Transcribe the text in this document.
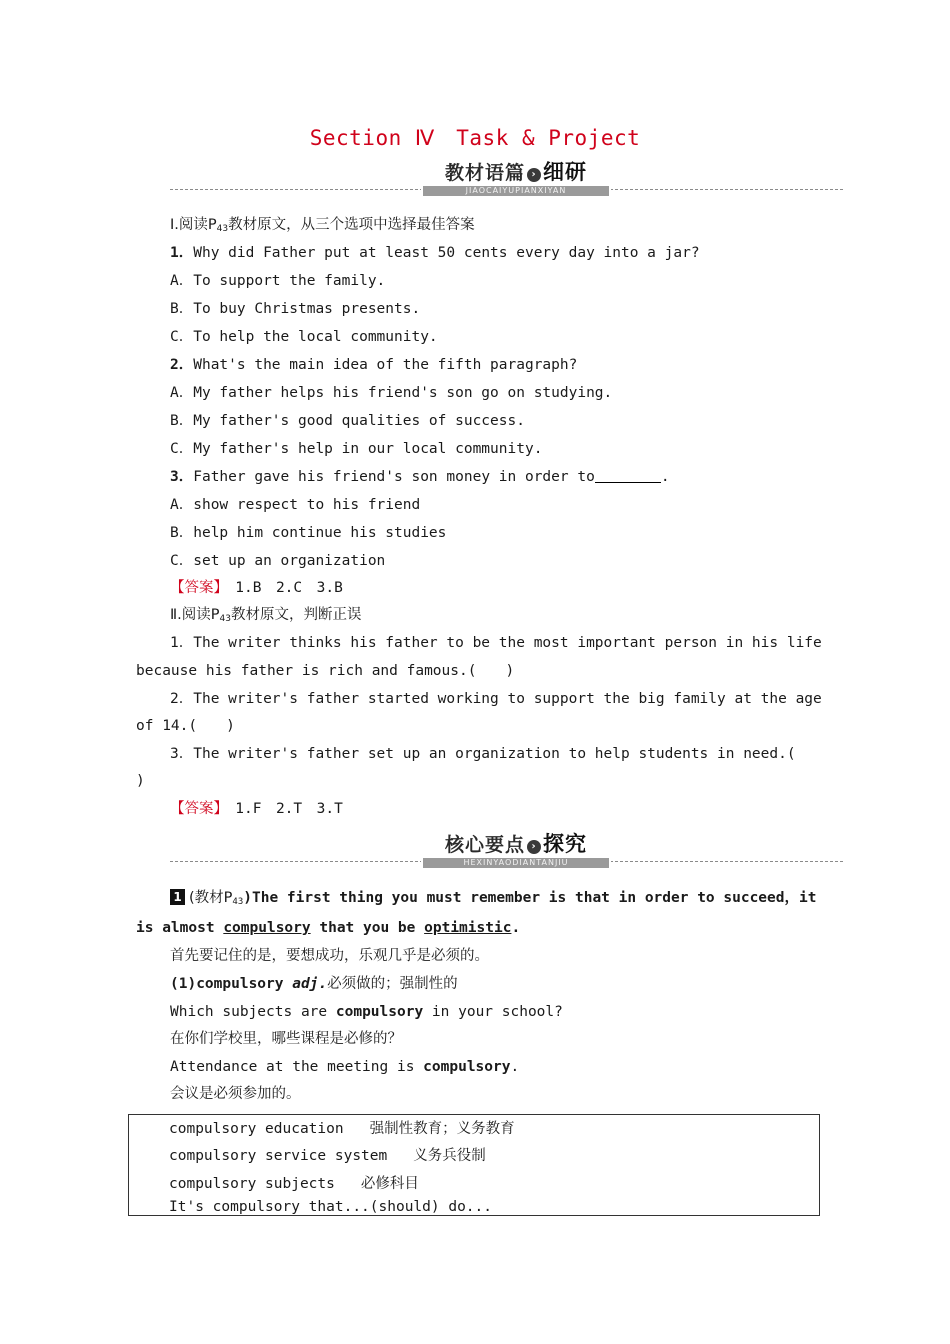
Section Ⅳ　Task & Project
教材语篇 › 细研
JIAOCAIYUPIANXIYAN
Ⅰ.阅读$P_{43}$教材原文，从三个选项中选择最佳答案
1．Why did Father put at least 50 cents every day into a jar?
A．To support the family.
B．To buy Christmas presents.
C．To help the local community.
2．What's the main idea of the fifth paragraph?
A．My father helps his friend's son go on studying.
B．My father's good qualities of success.
C．My father's help in our local community.
3．Father gave his friend's son money in order to	.
A．show respect to his friend
B．help him continue his studies
C．set up an organization
【答案】　 1.B　2.C　3.B
Ⅱ.阅读$P_{43}$教材原文，判断正误
1．The writer thinks his father to be the most important person in his life
because his father is rich and famous.(　　)
2．The writer's father started working to support the big family at the age
of 14.(　　)
3．The writer's father set up an organization to help students in need.(
)
【答案】　 1.F　2.T　3.T
核心要点 › 探究
HEXINYAODIANTANJIU
1 (教材$P_{43})The$ first thing you must remember is that in order to succeed，it
is almost compulsory that you be optimistic.
首先要记住的是，要想成功，乐观几乎是必须的。
(1)compulsory adj.必须做的；强制性的
Which subjects are compulsory in your school?
在你们学校里，哪些课程是必修的？
Attendance at the meeting is compulsory.
会议是必须参加的。
compulsory education 强制性教育；义务教育
compulsory service system 义务兵役制
compulsory subjects 必修科目
It's compulsory that...(should) do...
